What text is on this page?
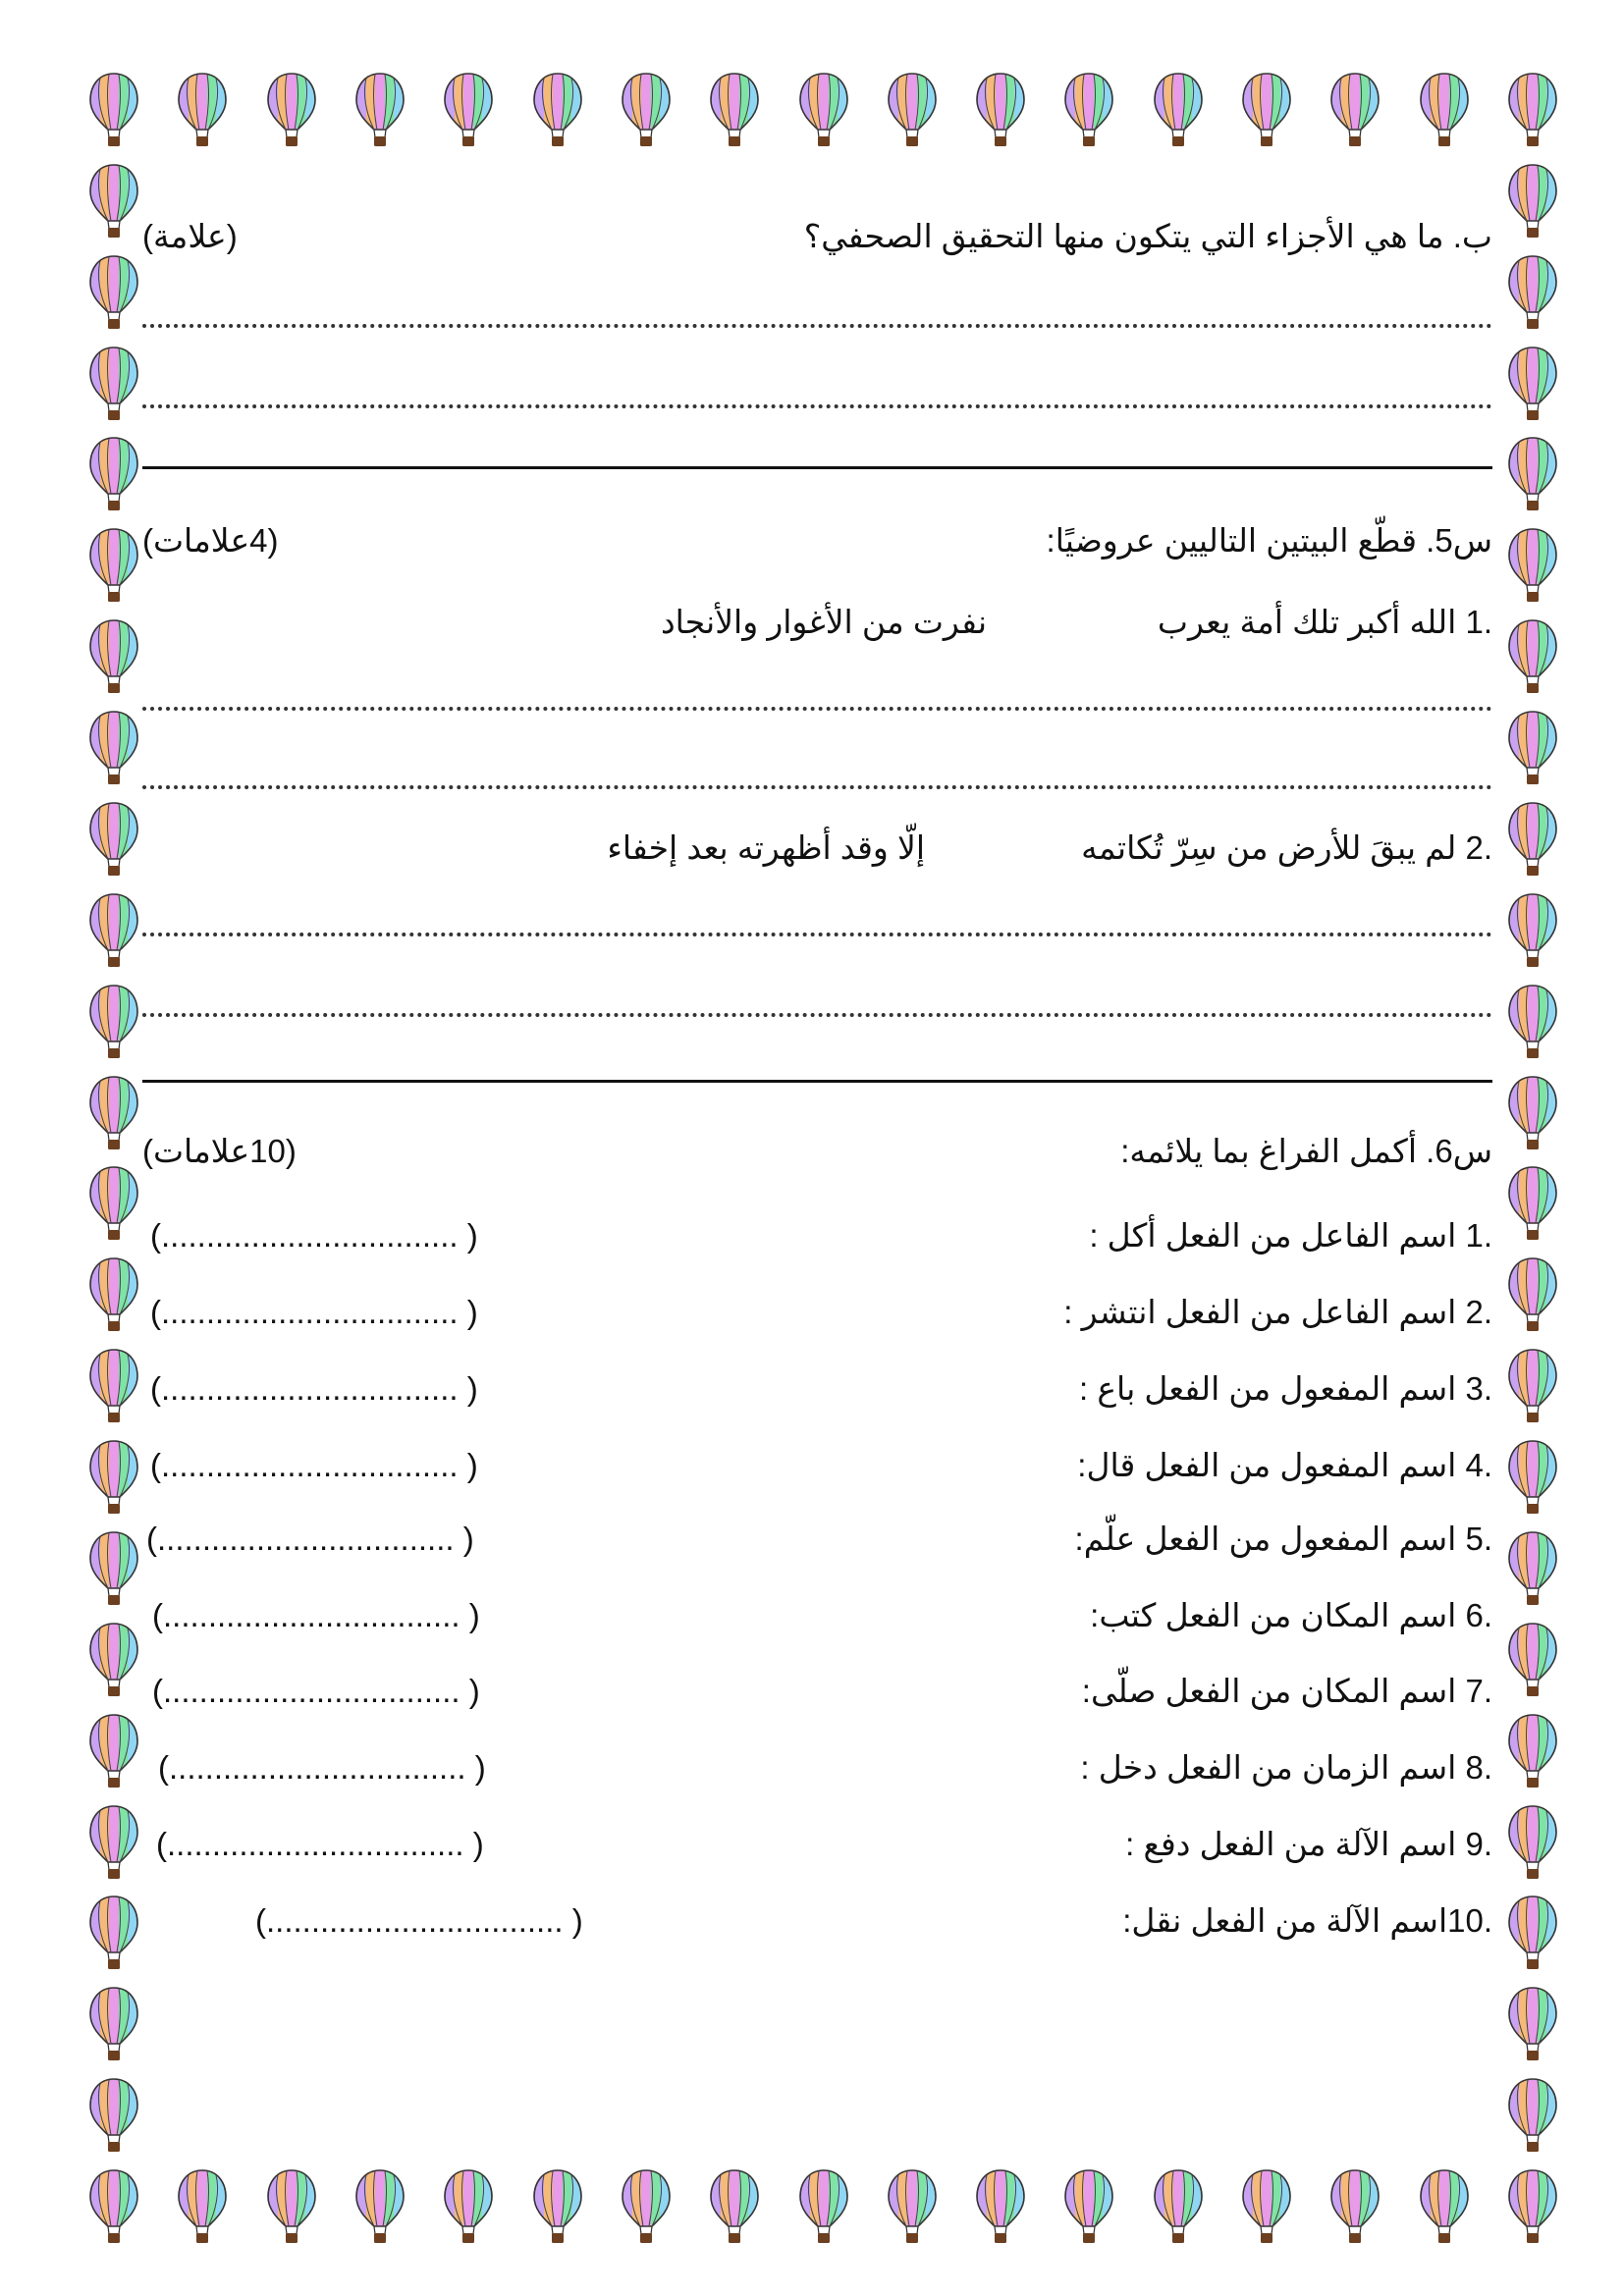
ب. ما هي الأجزاء التي يتكون منها التحقيق الصحفي؟
(علامة)
س5. قطّع البيتين التاليين عروضيًا:
(4علامات)
1. الله أكبر تلك أمة يعرب
نفرت من الأغوار والأنجاد
2. لم يبقَ للأرض من سِرّ تُكاتمه
إلّا وقد أظهرته بعد إخفاء
س6. أكمل الفراغ بما يلائمه:
(10علامات)
1. اسم الفاعل من الفعل أكل :
(................................. )
2. اسم الفاعل من الفعل انتشر :
(................................. )
3. اسم المفعول من الفعل باع :
(................................. )
4. اسم المفعول من الفعل قال:
(................................. )
5. اسم المفعول من الفعل علّم:
(................................. )
6. اسم المكان من الفعل كتب:
(................................. )
7. اسم المكان من الفعل صلّى:
(................................. )
8. اسم الزمان من الفعل دخل :
(................................. )
9. اسم الآلة من الفعل دفع :
(................................. )
10.اسم الآلة من الفعل نقل:
(................................. )
